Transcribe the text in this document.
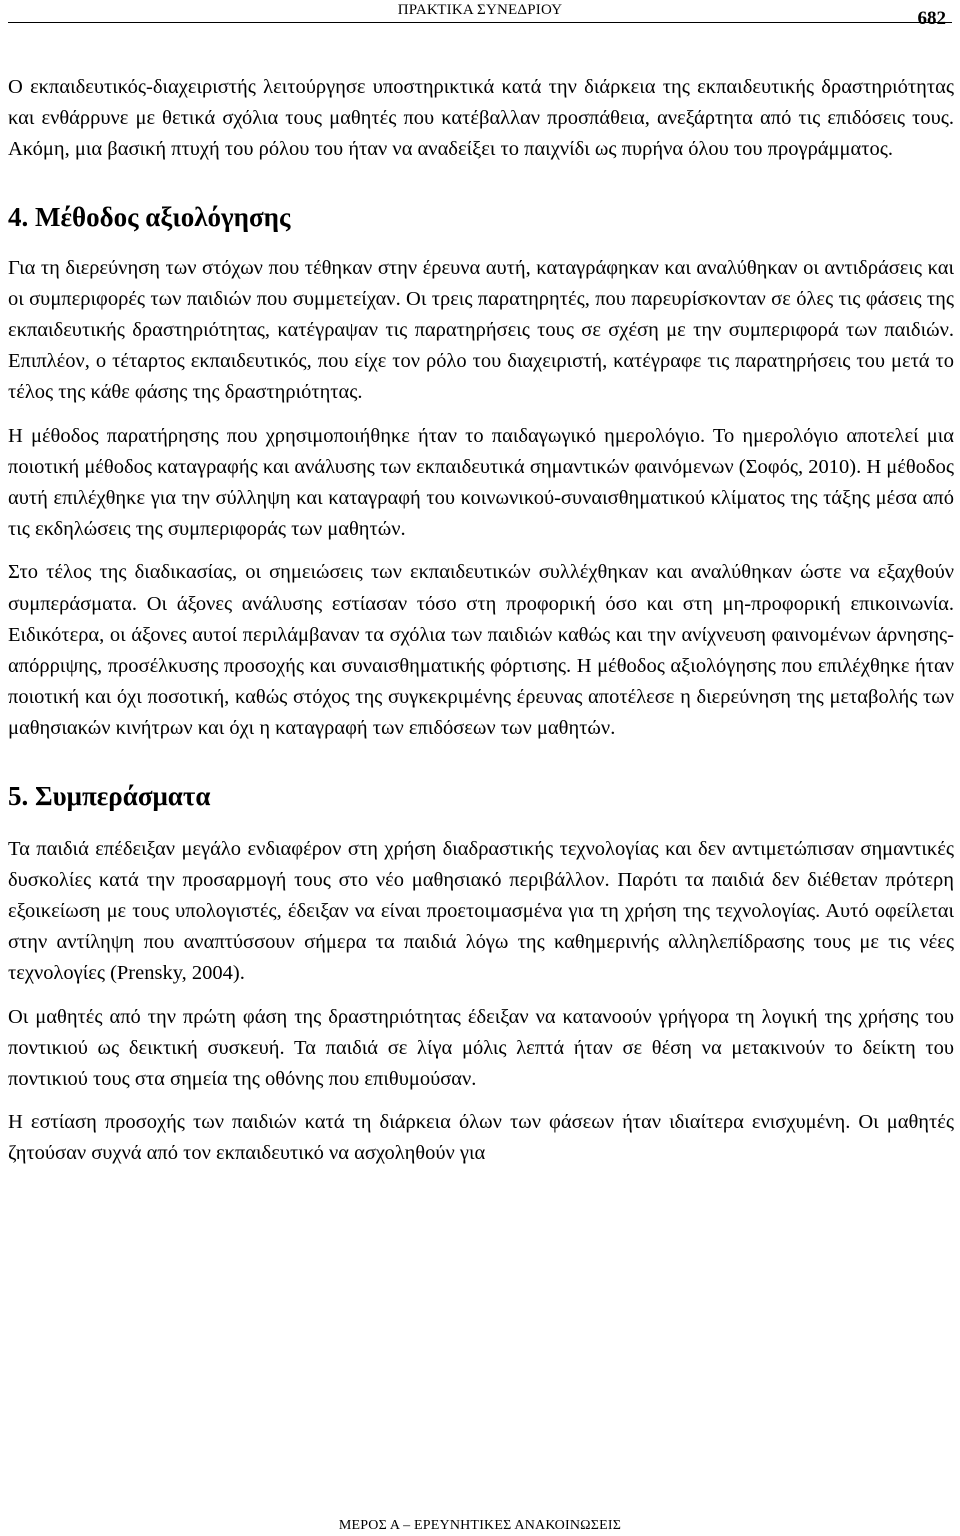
ΠΡΑΚΤΙΚΑ ΣΥΝΕΔΡΙΟΥ	682

Ο εκπαιδευτικός-διαχειριστής λειτούργησε υποστηρικτικά κατά την διάρκεια της εκπαιδευτικής δραστηριότητας και ενθάρρυνε με θετικά σχόλια τους μαθητές που κατέβαλλαν προσπάθεια, ανεξάρτητα από τις επιδόσεις τους. Ακόμη, μια βασική πτυχή του ρόλου του ήταν να αναδείξει το παιχνίδι ως πυρήνα όλου του προγράμματος.

4. Μέθοδος αξιολόγησης

Για τη διερεύνηση των στόχων που τέθηκαν στην έρευνα αυτή, καταγράφηκαν και αναλύθηκαν οι αντιδράσεις και οι συμπεριφορές των παιδιών που συμμετείχαν. Οι τρεις παρατηρητές, που παρευρίσκονταν σε όλες τις φάσεις της εκπαιδευτικής δραστηριότητας, κατέγραψαν τις παρατηρήσεις τους σε σχέση με την συμπεριφορά των παιδιών. Επιπλέον, ο τέταρτος εκπαιδευτικός, που είχε τον ρόλο του διαχειριστή, κατέγραφε τις παρατηρήσεις του μετά το τέλος της κάθε φάσης της δραστηριότητας.

Η μέθοδος παρατήρησης που χρησιμοποιήθηκε ήταν το παιδαγωγικό ημερολόγιο. Το ημερολόγιο αποτελεί μια ποιοτική μέθοδος καταγραφής και ανάλυσης των εκπαιδευτικά σημαντικών φαινόμενων (Σοφός, 2010). Η μέθοδος αυτή επιλέχθηκε για την σύλληψη και καταγραφή του κοινωνικού-συναισθηματικού κλίματος της τάξης μέσα από τις εκδηλώσεις της συμπεριφοράς των μαθητών.

Στο τέλος της διαδικασίας, οι σημειώσεις των εκπαιδευτικών συλλέχθηκαν και αναλύθηκαν ώστε να εξαχθούν συμπεράσματα. Οι άξονες ανάλυσης εστίασαν τόσο στη προφορική όσο και στη μη-προφορική επικοινωνία. Ειδικότερα, οι άξονες αυτοί περιλάμβαναν τα σχόλια των παιδιών καθώς και την ανίχνευση φαινομένων άρνησης-απόρριψης, προσέλκυσης προσοχής και συναισθηματικής φόρτισης. Η μέθοδος αξιολόγησης που επιλέχθηκε ήταν ποιοτική και όχι ποσοτική, καθώς στόχος της συγκεκριμένης έρευνας αποτέλεσε η διερεύνηση της μεταβολής των μαθησιακών κινήτρων και όχι η καταγραφή των επιδόσεων των μαθητών.

5. Συμπεράσματα

Τα παιδιά επέδειξαν μεγάλο ενδιαφέρον στη χρήση διαδραστικής τεχνολογίας και δεν αντιμετώπισαν σημαντικές δυσκολίες κατά την προσαρμογή τους στο νέο μαθησιακό περιβάλλον. Παρότι τα παιδιά δεν διέθεταν πρότερη εξοικείωση με τους υπολογιστές, έδειξαν να είναι προετοιμασμένα για τη χρήση της τεχνολογίας. Αυτό οφείλεται στην αντίληψη που αναπτύσσουν σήμερα τα παιδιά λόγω της καθημερινής αλληλεπίδρασης τους με τις νέες τεχνολογίες (Prensky, 2004).

Οι μαθητές από την πρώτη φάση της δραστηριότητας έδειξαν να κατανοούν γρήγορα τη λογική της χρήσης του ποντικιού ως δεικτική συσκευή. Τα παιδιά σε λίγα μόλις λεπτά ήταν σε θέση να μετακινούν το δείκτη του ποντικιού τους στα σημεία της οθόνης που επιθυμούσαν.

Η εστίαση προσοχής των παιδιών κατά τη διάρκεια όλων των φάσεων ήταν ιδιαίτερα ενισχυμένη. Οι μαθητές ζητούσαν συχνά από τον εκπαιδευτικό να ασχοληθούν για

ΜΕΡΟΣ Α – ΕΡΕΥΝΗΤΙΚΕΣ ΑΝΑΚΟΙΝΩΣΕΙΣ
